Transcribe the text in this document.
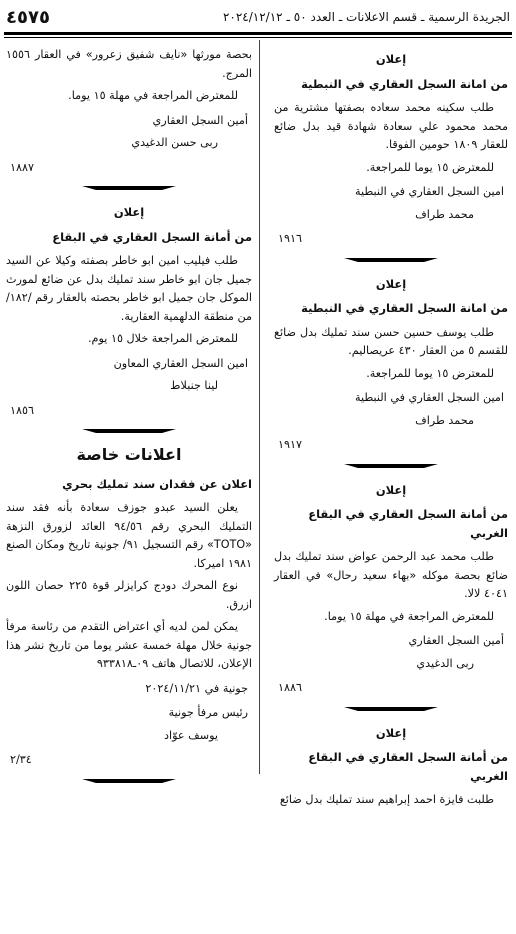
الجريدة الرسمية ـ قسم الاعلانات ـ العدد ٥٠ ـ ٢٠٢٤/١٢/١٢
٤٥٧٥
إعلان
من امانة السجل العقاري في النبطية
طلب سكينه محمد سعاده بصفتها مشترية من محمد محمود علي سعادة شهادة قيد بدل ضائع للعقار ١٨٠٩ حومين الفوقا.
للمعترض ١٥ يوما للمراجعة.
امين السجل العقاري في النبطية
محمد طراف
١٩١٦
إعلان
من امانة السجل العقاري في النبطية
طلب يوسف حسين حسن سند تمليك بدل ضائع للقسم ٥ من العقار ٤٣٠ عريصاليم.
للمعترض ١٥ يوما للمراجعة.
امين السجل العقاري في النبطية
محمد طراف
١٩١٧
إعلان
من أمانة السجل العقاري في البقاع الغربي
طلب محمد عبد الرحمن عواض سند تمليك بدل ضائع بحصة موكله «بهاء سعيد رحال» في العقار ٤٠٤١ لالا.
للمعترض المراجعة في مهلة ١٥ يوما.
أمين السجل العقاري
ربى الدغيدي
١٨٨٦
إعلان
من أمانة السجل العقاري في البقاع الغربي
طلبت فايزة احمد إبراهيم سند تمليك بدل ضائع
بحصة مورثها «نايف شفيق زعرور» في العقار ١٥٥٦ المرج.
للمعترض المراجعة في مهلة ١٥ يوما.
أمين السجل العقاري
ربى حسن الدغيدي
١٨٨٧
إعلان
من أمانة السجل العقاري في البقاع
طلب فيليب امين ابو خاطر بصفته وكيلا عن السيد جميل جان ابو خاطر سند تمليك بدل عن ضائع لمورث الموكل جان جميل ابو خاطر بحصته بالعقار رقم /١٨٢/ من منطقة الدلهمية العقارية.
للمعترض المراجعة خلال ١٥ يوم.
امين السجل العقاري المعاون
لينا جنبلاط
١٨٥٦
اعلانات خاصة
اعلان عن فقدان سند تمليك بحري
يعلن السيد عبدو جوزف سعادة بأنه فقد سند التمليك البحري رقم ٩٤/٥٦ العائد لزورق النزهة «TOTO» رقم التسجيل ٩١/ جونية تاريخ ومكان الصنع ١٩٨١ اميركا.
نوع المحرك دودج كرايزلر قوة ٢٢٥ حصان اللون ازرق.
يمكن لمن لديه أي اعتراض التقدم من رئاسة مرفأ جونية خلال مهلة خمسة عشر يوما من تاريخ نشر هذا الإعلان، للاتصال هاتف ٠٩ـ٩٣٣٨١٨
جونية في ٢٠٢٤/١١/٢١
رئيس مرفأ جونية
يوسف عوّاد
٢/٣٤
